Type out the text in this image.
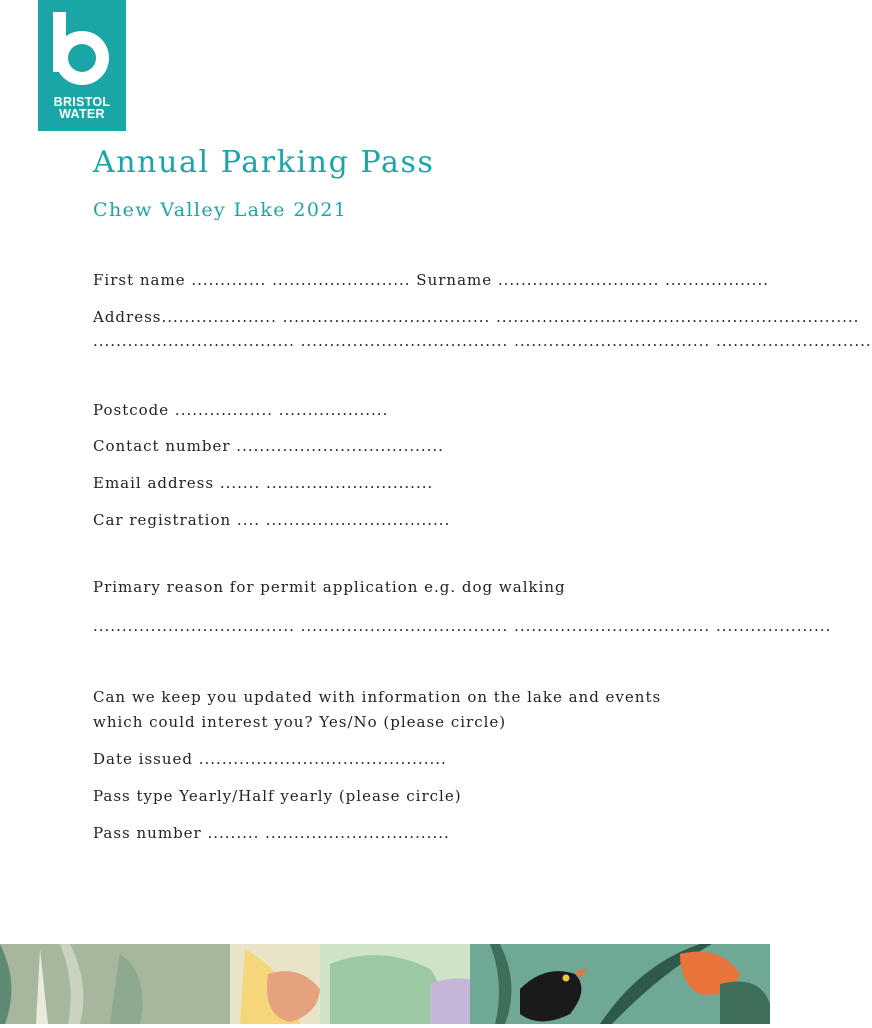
BRISTOL
WATER
Annual Parking Pass
Chew Valley Lake 2021
First name ............. ........................ Surname ............................ ..................
Address.................... .................................... ...............................................................
................................... .................................... .................................. ...........................
Postcode ................. ...................
Contact number ....................................
Email address ....... .............................
Car registration .... ................................
Primary reason for permit application e.g. dog walking
................................... .................................... .................................. ....................
Can we keep you updated with information on the lake and events
which could interest you? Yes/No (please circle)
Date issued ...........................................
Pass type Yearly/Half yearly (please circle)
Pass number ......... ................................
